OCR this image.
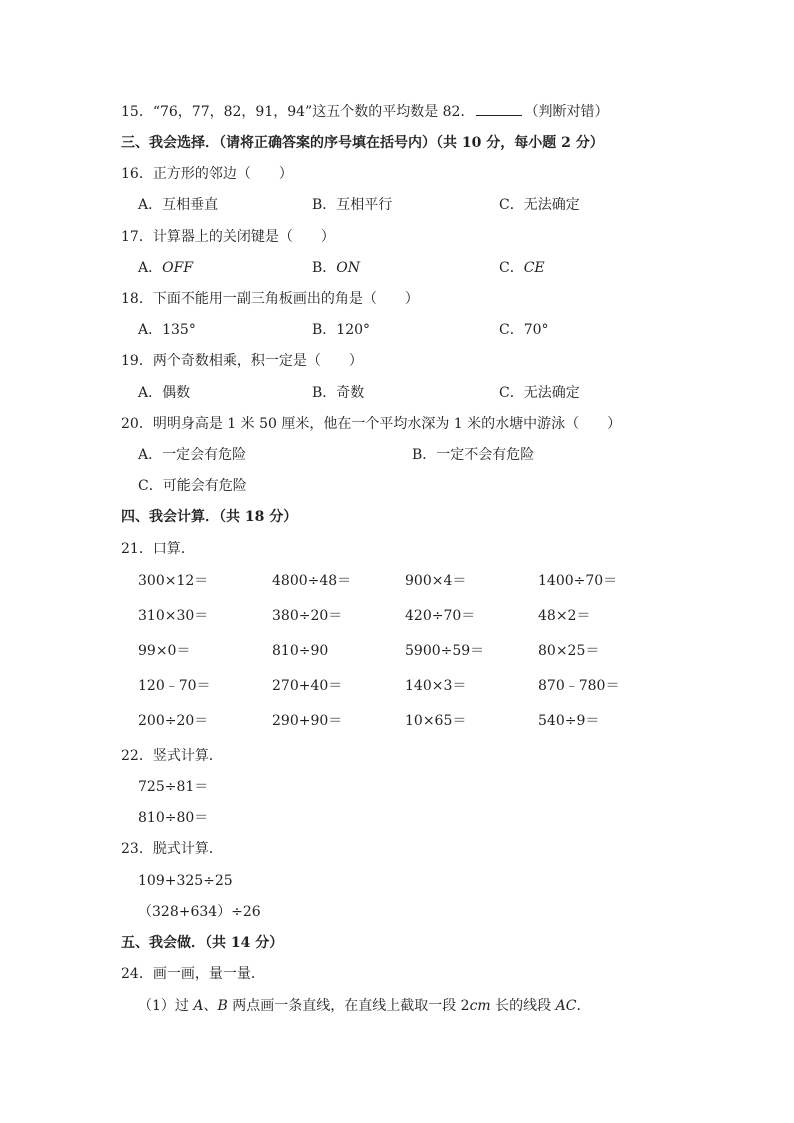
15．“76，77，82，91，94”这五个数的平均数是 82．	（判断对错）
三、我会选择．（请将正确答案的序号填在括号内）（共 10 分，每小题 2 分）
16．正方形的邻边（　　）
A．互相垂直	B．互相平行	C．无法确定
17．计算器上的关闭键是（　　）
A．OFF	B．ON	C．CE
18．下面不能用一副三角板画出的角是（　　）
A．135°	B．120°	C．70°
19．两个奇数相乘，积一定是（　　）
A．偶数	B．奇数	C．无法确定
20．明明身高是 1 米 50 厘米，他在一个平均水深为 1 米的水塘中游泳（　　）
A．一定会有危险	B．一定不会有危险
C．可能会有危险
四、我会计算．（共 18 分）
21．口算．
300×12＝	4800÷48＝	900×4＝	1400÷70＝
310×30＝	380÷20＝	420÷70＝	48×2＝
99×0＝	810÷90	5900÷59＝	80×25＝
120﹣70＝	270+40＝	140×3＝	870﹣780＝
200÷20＝	290+90＝	10×65＝	540÷9＝
22．竖式计算．
725÷81＝
810÷80＝
23．脱式计算．
109+325÷25
（328+634）÷26
五、我会做．（共 14 分）
24．画一画，量一量．
（1）过 A、B 两点画一条直线，在直线上截取一段 2cm 长的线段 AC．
